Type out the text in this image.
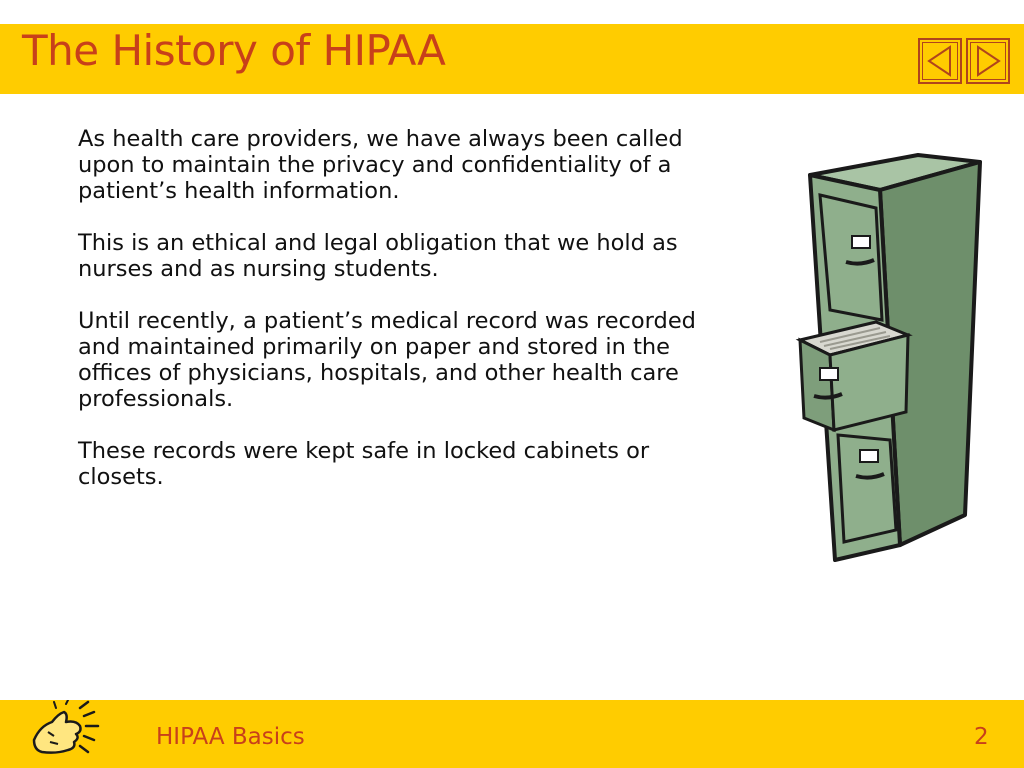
The History of HIPAA

As health care providers, we have always been called upon to maintain the privacy and confidentiality of a patient’s health information.

This is an ethical and legal obligation that we hold as nurses and as nursing students.

Until recently, a patient’s medical record was recorded and maintained primarily on paper and stored in the offices of physicians, hospitals, and other health care professionals.

These records were kept safe in locked cabinets or closets.

HIPAA Basics	2
